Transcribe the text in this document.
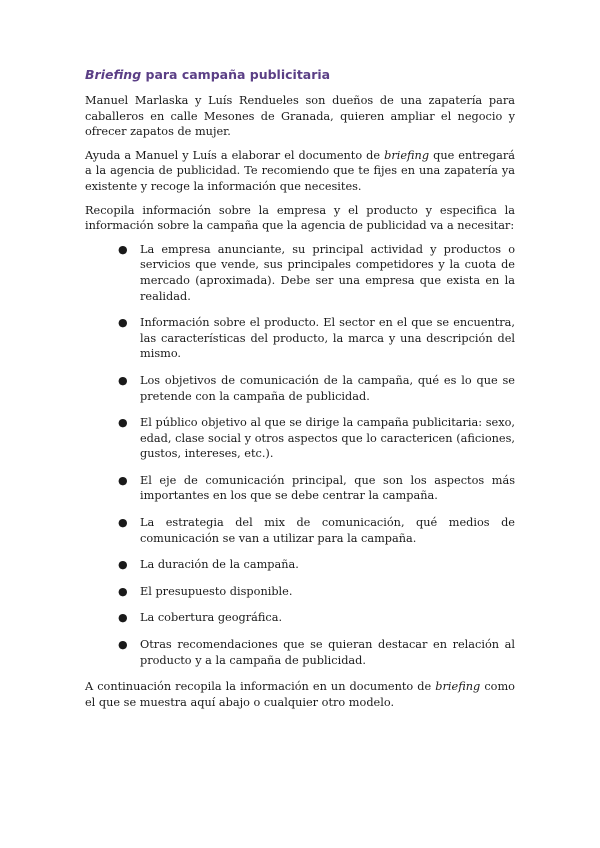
Briefing para campaña publicitaria

Manuel Marlaska y Luís Rendueles son dueños de una zapatería para caballeros en calle Mesones de Granada, quieren ampliar el negocio y ofrecer zapatos de mujer.

Ayuda a Manuel y Luís a elaborar el documento de briefing que entregará a la agencia de publicidad. Te recomiendo que te fijes en una zapatería ya existente y recoge la información que necesites.

Recopila información sobre la empresa y el producto y especifica la información sobre la campaña que la agencia de publicidad va a necesitar:

● La empresa anunciante, su principal actividad y productos o servicios que vende, sus principales competidores y la cuota de mercado (aproximada). Debe ser una empresa que exista en la realidad.
● Información sobre el producto. El sector en el que se encuentra, las características del producto, la marca y una descripción del mismo.
● Los objetivos de comunicación de la campaña, qué es lo que se pretende con la campaña de publicidad.
● El público objetivo al que se dirige la campaña publicitaria: sexo, edad, clase social y otros aspectos que lo caractericen (aficiones, gustos, intereses, etc.).
● El eje de comunicación principal, que son los aspectos más importantes en los que se debe centrar la campaña.
● La estrategia del mix de comunicación, qué medios de comunicación se van a utilizar para la campaña.
● La duración de la campaña.
● El presupuesto disponible.
● La cobertura geográfica.
● Otras recomendaciones que se quieran destacar en relación al producto y a la campaña de publicidad.

A continuación recopila la información en un documento de briefing como el que se muestra aquí abajo o cualquier otro modelo.
